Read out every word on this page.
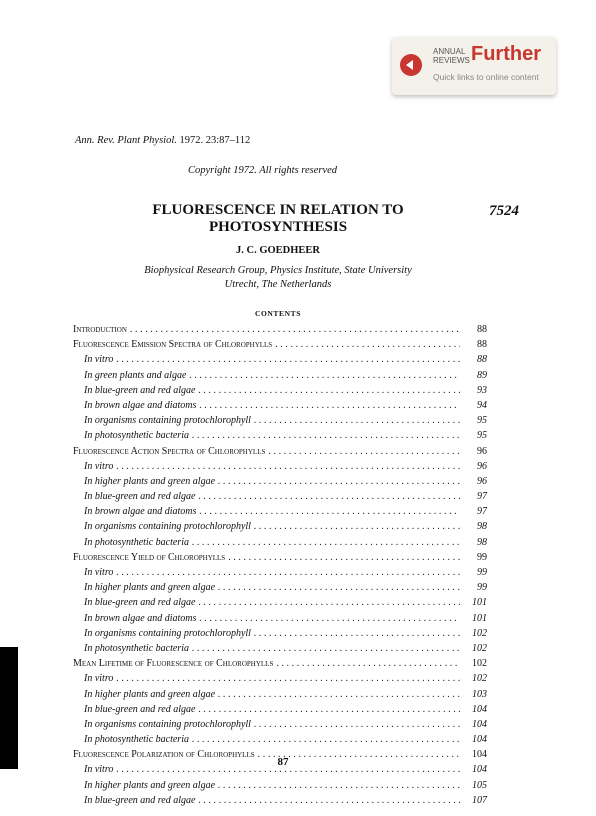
ANNUAL
REVIEWS Further
Quick links to online content
Ann. Rev. Plant Physiol. 1972. 23:87–112
Copyright 1972. All rights reserved
FLUORESCENCE IN RELATION TO PHOTOSYNTHESIS
7524
J. C. GOEDHEER
Biophysical Research Group, Physics Institute, State University
Utrecht, The Netherlands
CONTENTS
Introduction .....	88
Fluorescence Emission Spectra of Chlorophylls .....	88
In vitro .....	88
In green plants and algae .....	89
In blue-green and red algae .....	93
In brown algae and diatoms .....	94
In organisms containing protochlorophyll .....	95
In photosynthetic bacteria .....	95
Fluorescence Action Spectra of Chlorophylls .....	96
In vitro .....	96
In higher plants and green algae .....	96
In blue-green and red algae .....	97
In brown algae and diatoms .....	97
In organisms containing protochlorophyll .....	98
In photosynthetic bacteria .....	98
Fluorescence Yield of Chlorophylls .....	99
In vitro .....	99
In higher plants and green algae .....	99
In blue-green and red algae .....	101
In brown algae and diatoms .....	101
In organisms containing protochlorophyll .....	102
In photosynthetic bacteria .....	102
Mean Lifetime of Fluorescence of Chlorophylls .....	102
In vitro .....	102
In higher plants and green algae .....	103
In blue-green and red algae .....	104
In organisms containing protochlorophyll .....	104
In photosynthetic bacteria .....	104
Fluorescence Polarization of Chlorophylls .....	104
In vitro .....	104
In higher plants and green algae .....	105
In blue-green and red algae .....	107
87
